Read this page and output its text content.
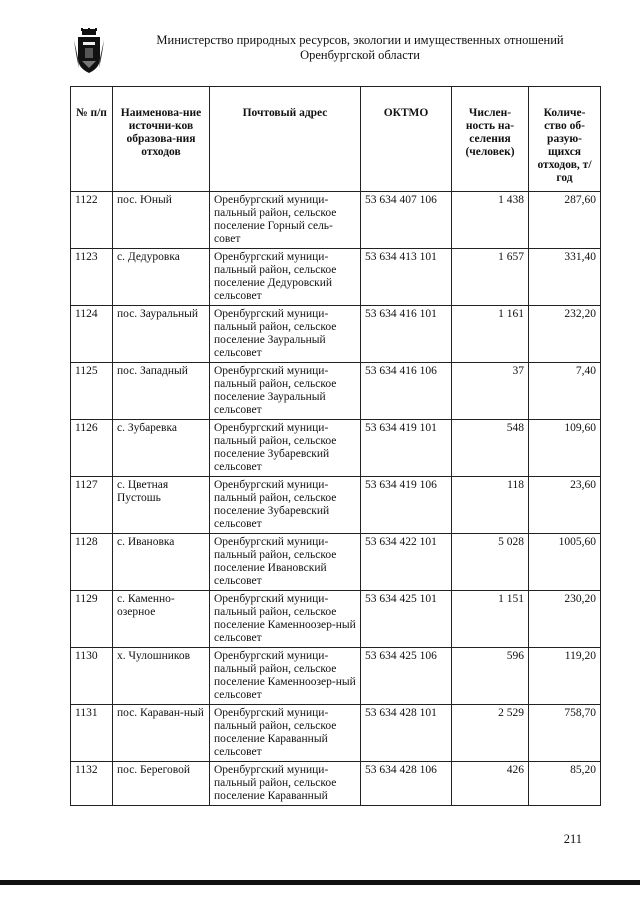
Министерство природных ресурсов, экологии и имущественных отношений
Оренбургской области
№ п/п	Наименова-ние источни-ков образова-ния отходов	Почтовый адрес	ОКТМО	Числен-ность на-селения (человек)	Количе-ство об-разую-щихся отходов, т/год
1122	пос. Юный	Оренбургский муници-пальный район, сельское поселение Горный сель-совет	53 634 407 106	1 438	287,60
1123	с. Дедуровка	Оренбургский муници-пальный район, сельское поселение Дедуровский сельсовет	53 634 413 101	1 657	331,40
1124	пос. Зауральный	Оренбургский муници-пальный район, сельское поселение Зауральный сельсовет	53 634 416 101	1 161	232,20
1125	пос. Западный	Оренбургский муници-пальный район, сельское поселение Зауральный сельсовет	53 634 416 106	37	7,40
1126	с. Зубаревка	Оренбургский муници-пальный район, сельское поселение Зубаревский сельсовет	53 634 419 101	548	109,60
1127	с. Цветная Пустошь	Оренбургский муници-пальный район, сельское поселение Зубаревский сельсовет	53 634 419 106	118	23,60
1128	с. Ивановка	Оренбургский муници-пальный район, сельское поселение Ивановский сельсовет	53 634 422 101	5 028	1005,60
1129	с. Каменно-озерное	Оренбургский муници-пальный район, сельское поселение Каменноозер-ный сельсовет	53 634 425 101	1 151	230,20
1130	х. Чулошников	Оренбургский муници-пальный район, сельское поселение Каменноозер-ный сельсовет	53 634 425 106	596	119,20
1131	пос. Караван-ный	Оренбургский муници-пальный район, сельское поселение Караванный сельсовет	53 634 428 101	2 529	758,70
1132	пос. Береговой	Оренбургский муници-пальный район, сельское поселение Караванный	53 634 428 106	426	85,20
211
